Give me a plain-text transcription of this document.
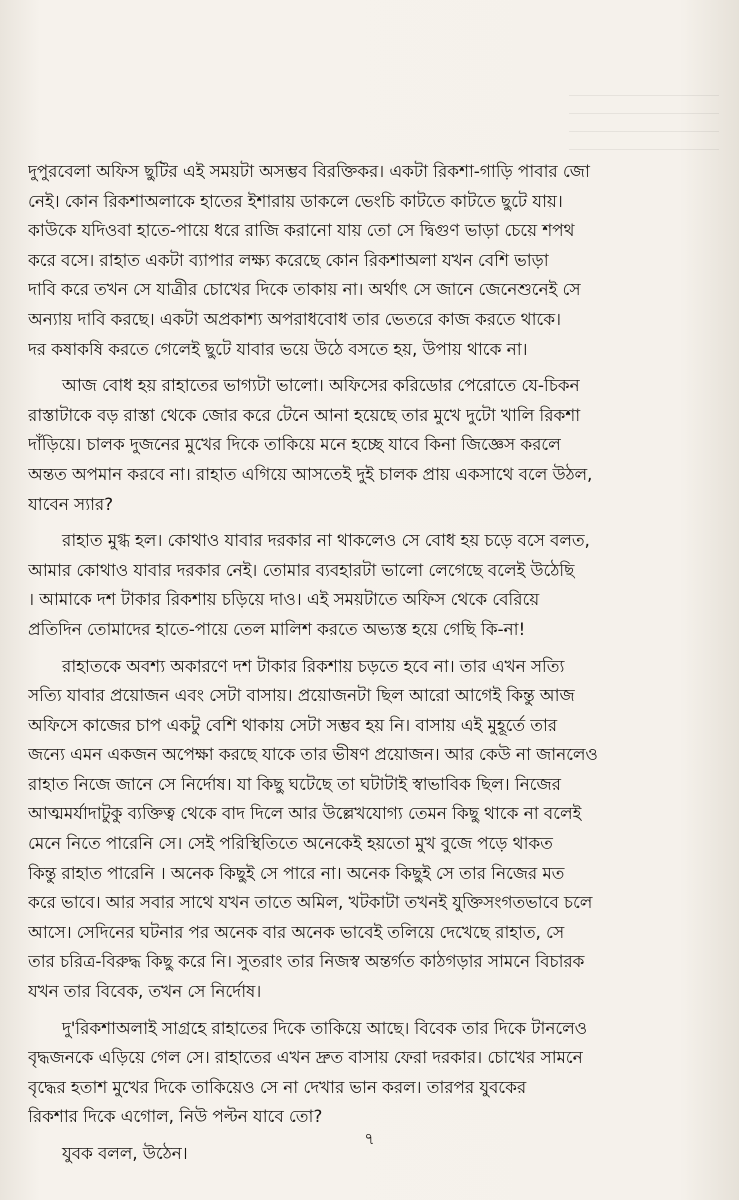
দুপুরবেলা অফিস ছুটির এই সময়টা অসম্ভব বিরক্তিকর। একটা রিকশা-গাড়ি পাবার জো
নেই। কোন রিকশাঅলাকে হাতের ইশারায় ডাকলে ভেংচি কাটতে কাটতে ছুটে যায়।
কাউকে যদিওবা হাতে-পায়ে ধরে রাজি করানো যায় তো সে দ্বিগুণ ভাড়া চেয়ে শপথ
করে বসে। রাহাত একটা ব্যাপার লক্ষ্য করেছে কোন রিকশাঅলা যখন বেশি ভাড়া
দাবি করে তখন সে যাত্রীর চোখের দিকে তাকায় না। অর্থাৎ সে জানে জেনেশুনেই সে
অন্যায় দাবি করছে। একটা অপ্রকাশ্য অপরাধবোধ তার ভেতরে কাজ করতে থাকে।
দর কষাকষি করতে গেলেই ছুটে যাবার ভয়ে উঠে বসতে হয়, উপায় থাকে না।
আজ বোধ হয় রাহাতের ভাগ্যটা ভালো। অফিসের করিডোর পেরোতে যে-চিকন
রাস্তাটাকে বড় রাস্তা থেকে জোর করে টেনে আনা হয়েছে তার মুখে দুটো খালি রিকশা
দাঁড়িয়ে। চালক দুজনের মুখের দিকে তাকিয়ে মনে হচ্ছে যাবে কিনা জিজ্ঞেস করলে
অন্তত অপমান করবে না। রাহাত এগিয়ে আসতেই দুই চালক প্রায় একসাথে বলে উঠল,
যাবেন স্যার?
রাহাত মুগ্ধ হল। কোথাও যাবার দরকার না থাকলেও সে বোধ হয় চড়ে বসে বলত,
আমার কোথাও যাবার দরকার নেই। তোমার ব্যবহারটা ভালো লেগেছে বলেই উঠেছি
। আমাকে দশ টাকার রিকশায় চড়িয়ে দাও। এই সময়টাতে অফিস থেকে বেরিয়ে
প্রতিদিন তোমাদের হাতে-পায়ে তেল মালিশ করতে অভ্যস্ত হয়ে গেছি কি-না!
রাহাতকে অবশ্য অকারণে দশ টাকার রিকশায় চড়তে হবে না। তার এখন সত্যি
সত্যি যাবার প্রয়োজন এবং সেটা বাসায়। প্রয়োজনটা ছিল আরো আগেই কিন্তু আজ
অফিসে কাজের চাপ একটু বেশি থাকায় সেটা সম্ভব হয় নি। বাসায় এই মুহূর্তে তার
জন্যে এমন একজন অপেক্ষা করছে যাকে তার ভীষণ প্রয়োজন। আর কেউ না জানলেও
রাহাত নিজে জানে সে নির্দোষ। যা কিছু ঘটেছে তা ঘটাটাই স্বাভাবিক ছিল। নিজের
আত্মমর্যাদাটুকু ব্যক্তিত্ব থেকে বাদ দিলে আর উল্লেখযোগ্য তেমন কিছু থাকে না বলেই
মেনে নিতে পারেনি সে। সেই পরিস্থিতিতে অনেকেই হয়তো মুখ বুজে পড়ে থাকত
কিন্তু রাহাত পারেনি । অনেক কিছুই সে পারে না। অনেক কিছুই সে তার নিজের মত
করে ভাবে। আর সবার সাথে যখন তাতে অমিল, খটকাটা তখনই যুক্তিসংগতভাবে চলে
আসে। সেদিনের ঘটনার পর অনেক বার অনেক ভাবেই তলিয়ে দেখেছে রাহাত, সে
তার চরিত্র-বিরুদ্ধ কিছু করে নি। সুতরাং তার নিজস্ব অন্তর্গত কাঠগড়ার সামনে বিচারক
যখন তার বিবেক, তখন সে নির্দোষ।
দু'রিকশাঅলাই সাগ্রহে রাহাতের দিকে তাকিয়ে আছে। বিবেক তার দিকে টানলেও
বৃদ্ধজনকে এড়িয়ে গেল সে। রাহাতের এখন দ্রুত বাসায় ফেরা দরকার। চোখের সামনে
বৃদ্ধের হতাশ মুখের দিকে তাকিয়েও সে না দেখার ভান করল। তারপর যুবকের
রিকশার দিকে এগোল, নিউ পল্টন যাবে তো?
যুবক বলল, উঠেন।
৭
